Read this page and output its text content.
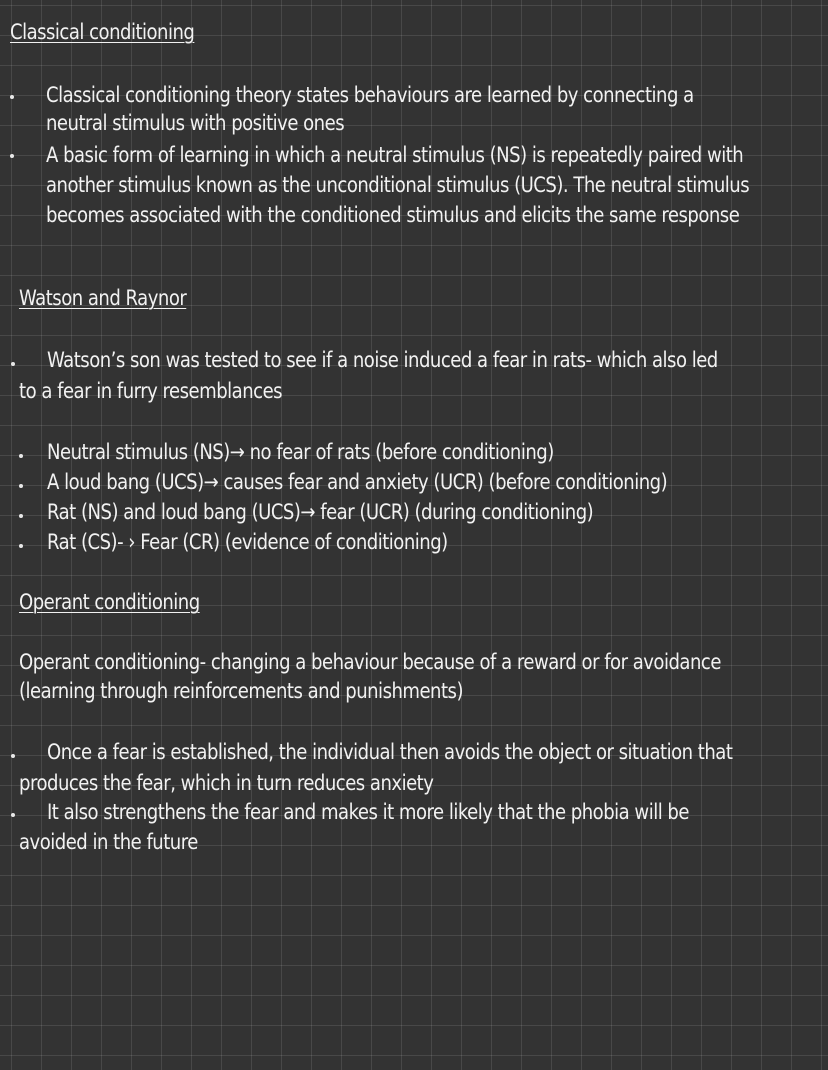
Classical conditioning
Classical conditioning theory states behaviours are learned by connecting a
neutral stimulus with positive ones
A basic form of learning in which a neutral stimulus (NS) is repeatedly paired with
another stimulus known as the unconditional stimulus (UCS). The neutral stimulus
becomes associated with the conditioned stimulus and elicits the same response
Watson and Raynor
Watson’s son was tested to see if a noise induced a fear in rats- which also led
to a fear in furry resemblances
Neutral stimulus (NS)→ no fear of rats (before conditioning)
A loud bang (UCS)→ causes fear and anxiety (UCR) (before conditioning)
Rat (NS) and loud bang (UCS)→ fear (UCR) (during conditioning)
Rat (CS)- › Fear (CR) (evidence of conditioning)
Operant conditioning
Operant conditioning- changing a behaviour because of a reward or for avoidance
(learning through reinforcements and punishments)
Once a fear is established, the individual then avoids the object or situation that
produces the fear, which in turn reduces anxiety
It also strengthens the fear and makes it more likely that the phobia will be
avoided in the future
